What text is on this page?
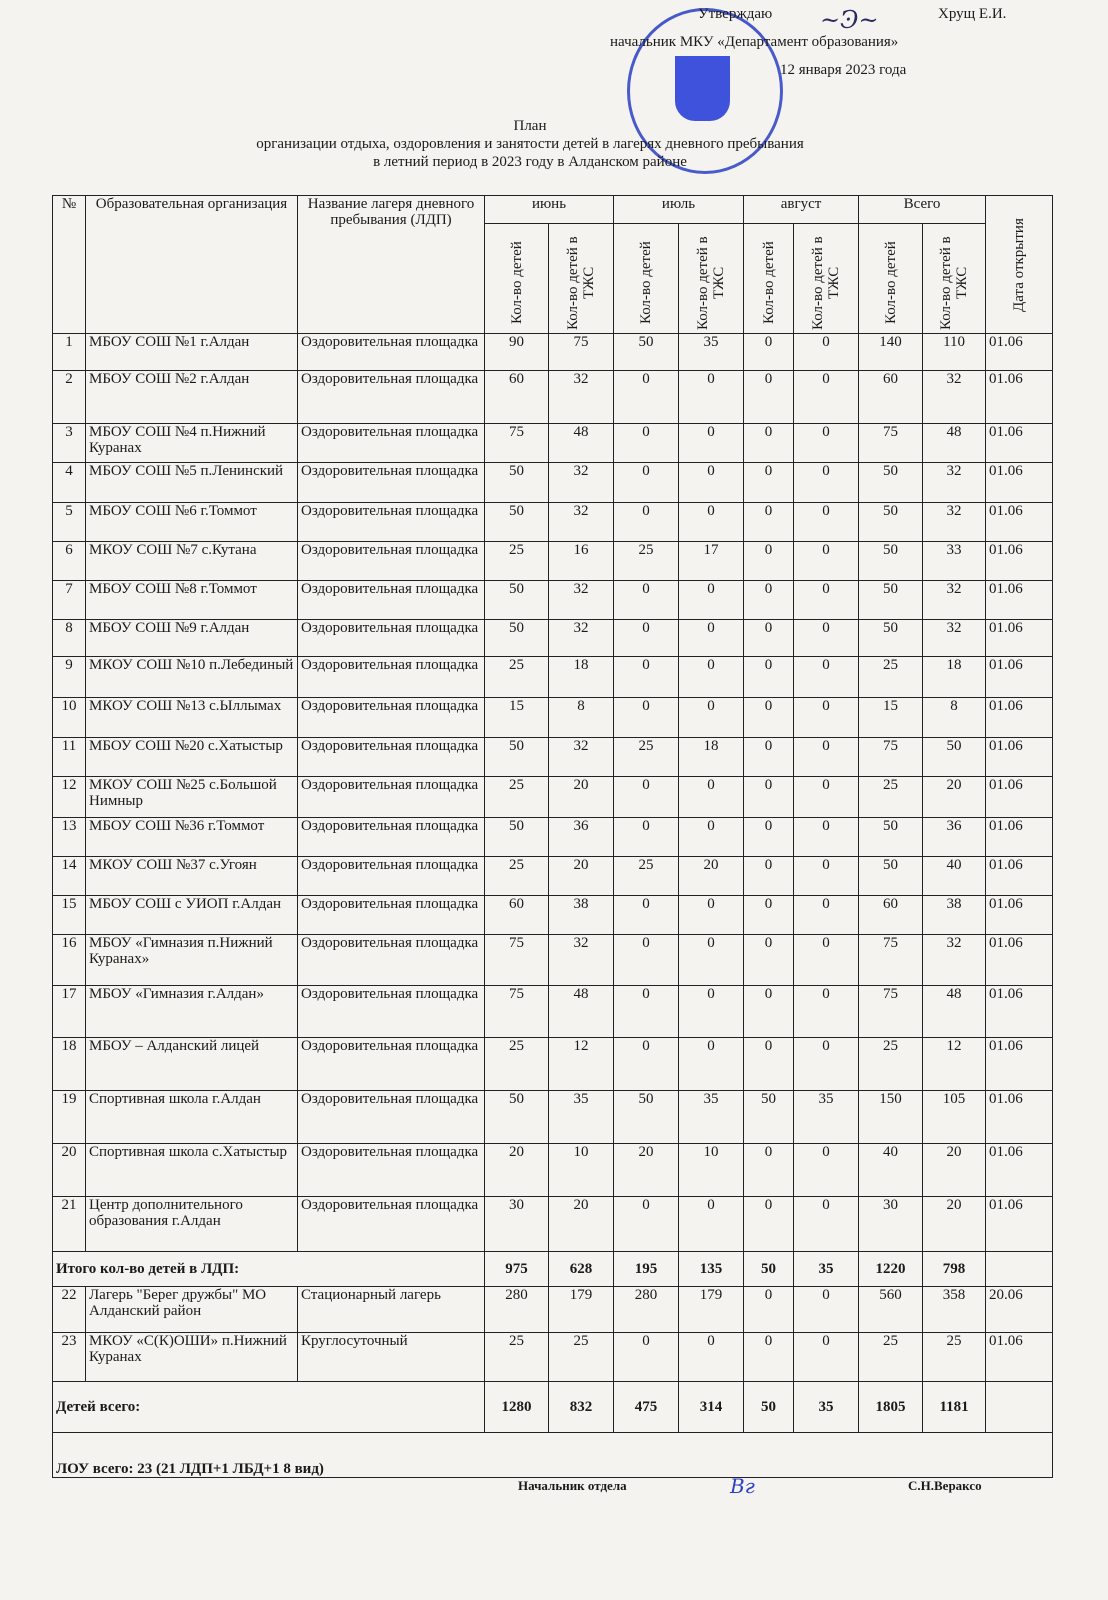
~Ͽ~
Утверждаю	Хрущ Е.И.
начальник МКУ «Департамент образования»
12 января 2023 года
План
организации отдыха, оздоровления и занятости детей в лагерях дневного пребывания
в летний период в 2023 году в Алданском районе
№	Образовательная организация	Название лагеря дневного пребывания (ЛДП)	июнь		июль		август		Всего		Дата открытия

			Кол-во детей	Кол-во детей в ТЖС	Кол-во детей	Кол-во детей в ТЖС	Кол-во детей	Кол-во детей в ТЖС	Кол-во детей	Кол-во детей в ТЖС	

1	МБОУ СОШ №1 г.Алдан	Оздоровительная площадка	90	75	50	35	0	0	140	110	01.06
2	МБОУ СОШ №2 г.Алдан	Оздоровительная площадка	60	32	0	0	0	0	60	32	01.06
3	МБОУ СОШ №4 п.Нижний Куранах	Оздоровительная площадка	75	48	0	0	0	0	75	48	01.06
4	МБОУ СОШ №5 п.Ленинский	Оздоровительная площадка	50	32	0	0	0	0	50	32	01.06
5	МБОУ СОШ №6 г.Томмот	Оздоровительная площадка	50	32	0	0	0	0	50	32	01.06
6	МКОУ СОШ №7 с.Кутана	Оздоровительная площадка	25	16	25	17	0	0	50	33	01.06
7	МБОУ СОШ №8 г.Томмот	Оздоровительная площадка	50	32	0	0	0	0	50	32	01.06
8	МБОУ СОШ №9 г.Алдан	Оздоровительная площадка	50	32	0	0	0	0	50	32	01.06
9	МКОУ СОШ №10 п.Лебединый	Оздоровительная площадка	25	18	0	0	0	0	25	18	01.06
10	МКОУ СОШ №13 с.Ыллымах	Оздоровительная площадка	15	8	0	0	0	0	15	8	01.06
11	МБОУ СОШ №20 с.Хатыстыр	Оздоровительная площадка	50	32	25	18	0	0	75	50	01.06
12	МКОУ СОШ №25 с.Большой Нимныр	Оздоровительная площадка	25	20	0	0	0	0	25	20	01.06
13	МБОУ СОШ №36 г.Томмот	Оздоровительная площадка	50	36	0	0	0	0	50	36	01.06
14	МКОУ СОШ №37 с.Угоян	Оздоровительная площадка	25	20	25	20	0	0	50	40	01.06
15	МБОУ СОШ с УИОП г.Алдан	Оздоровительная площадка	60	38	0	0	0	0	60	38	01.06
16	МБОУ «Гимназия п.Нижний Куранах»	Оздоровительная площадка	75	32	0	0	0	0	75	32	01.06
17	МБОУ «Гимназия г.Алдан»	Оздоровительная площадка	75	48	0	0	0	0	75	48	01.06
18	МБОУ – Алданский лицей	Оздоровительная площадка	25	12	0	0	0	0	25	12	01.06
19	Спортивная школа г.Алдан	Оздоровительная площадка	50	35	50	35	50	35	150	105	01.06
20	Спортивная школа с.Хатыстыр	Оздоровительная площадка	20	10	20	10	0	0	40	20	01.06
21	Центр дополнительного образования г.Алдан	Оздоровительная площадка	30	20	0	0	0	0	30	20	01.06
Итого кол-во детей в ЛДП:			975	628	195	135	50	35	1220	798	
22	Лагерь "Берег дружбы" МО Алданский район	Стационарный лагерь	280	179	280	179	0	0	560	358	20.06
23	МКОУ «С(К)ОШИ» п.Нижний Куранах	Круглосуточный	25	25	0	0	0	0	25	25	01.06
Детей всего:			1280	832	475	314	50	35	1805	1181	
ЛОУ всего: 23 (21 ЛДП+1 ЛБД+1 8 вид)											
Начальник отдела	Вг	С.Н.Вераксо
